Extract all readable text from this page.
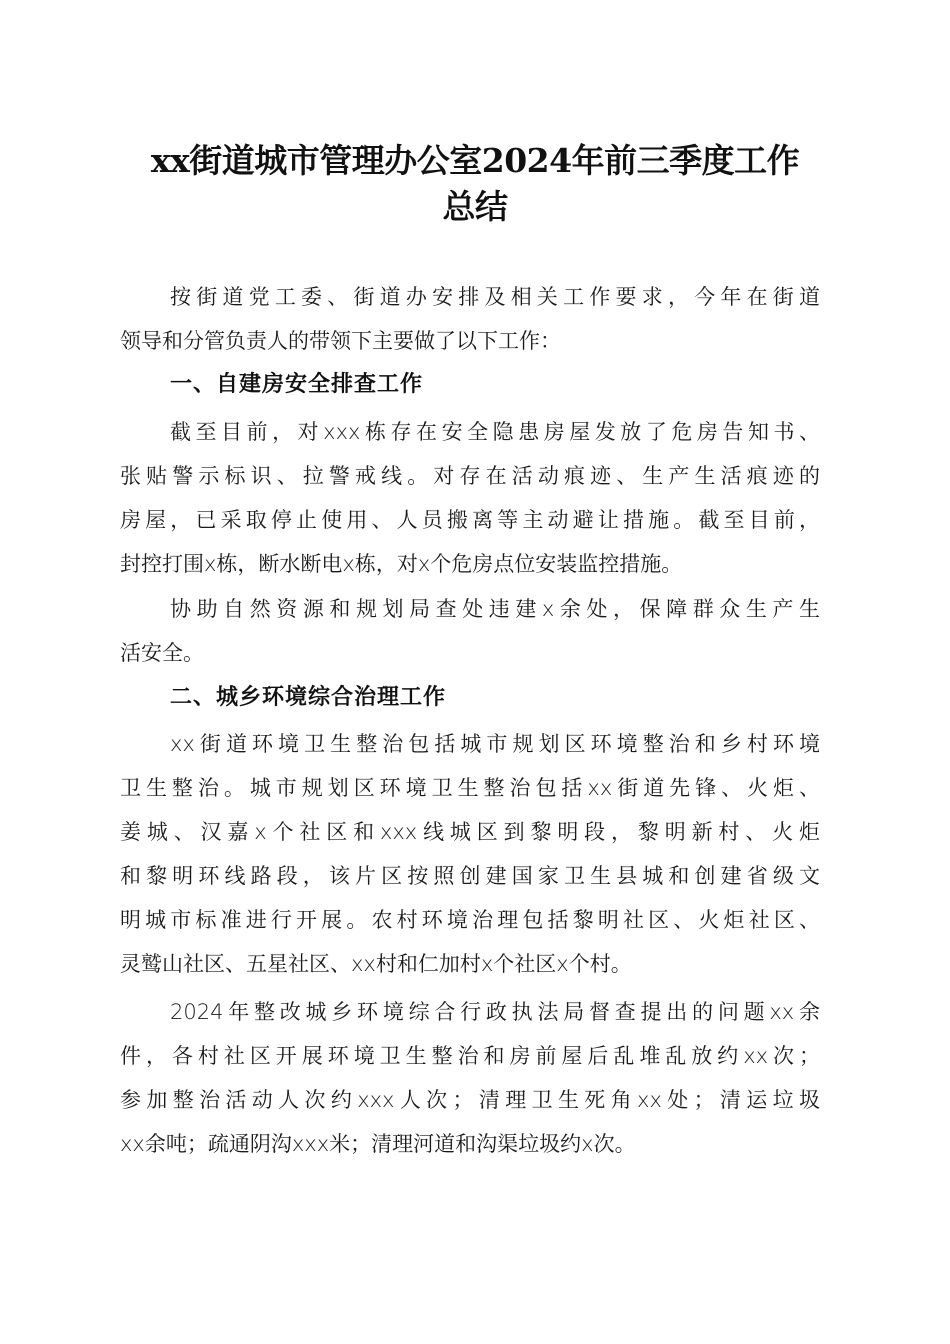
xx街道城市管理办公室2024年前三季度工作
总结
按街道党工委、街道办安排及相关工作要求，今年在街道
领导和分管负责人的带领下主要做了以下工作：
一、自建房安全排查工作
截至目前，对xxx栋存在安全隐患房屋发放了危房告知书、
张贴警示标识、拉警戒线。对存在活动痕迹、生产生活痕迹的
房屋，已采取停止使用、人员搬离等主动避让措施。截至目前，
封控打围x栋，断水断电x栋，对x个危房点位安装监控措施。
协助自然资源和规划局查处违建x余处，保障群众生产生
活安全。
二、城乡环境综合治理工作
xx街道环境卫生整治包括城市规划区环境整治和乡村环境
卫生整治。城市规划区环境卫生整治包括xx街道先锋、火炬、
姜城、汉嘉x个社区和xxx线城区到黎明段，黎明新村、火炬
和黎明环线路段，该片区按照创建国家卫生县城和创建省级文
明城市标准进行开展。农村环境治理包括黎明社区、火炬社区、
灵鹫山社区、五星社区、xx村和仁加村x个社区x个村。
2024年整改城乡环境综合行政执法局督查提出的问题xx余
件，各村社区开展环境卫生整治和房前屋后乱堆乱放约xx次；
参加整治活动人次约xxx人次；清理卫生死角xx处；清运垃圾
xx余吨；疏通阴沟xxx米；清理河道和沟渠垃圾约x次。
